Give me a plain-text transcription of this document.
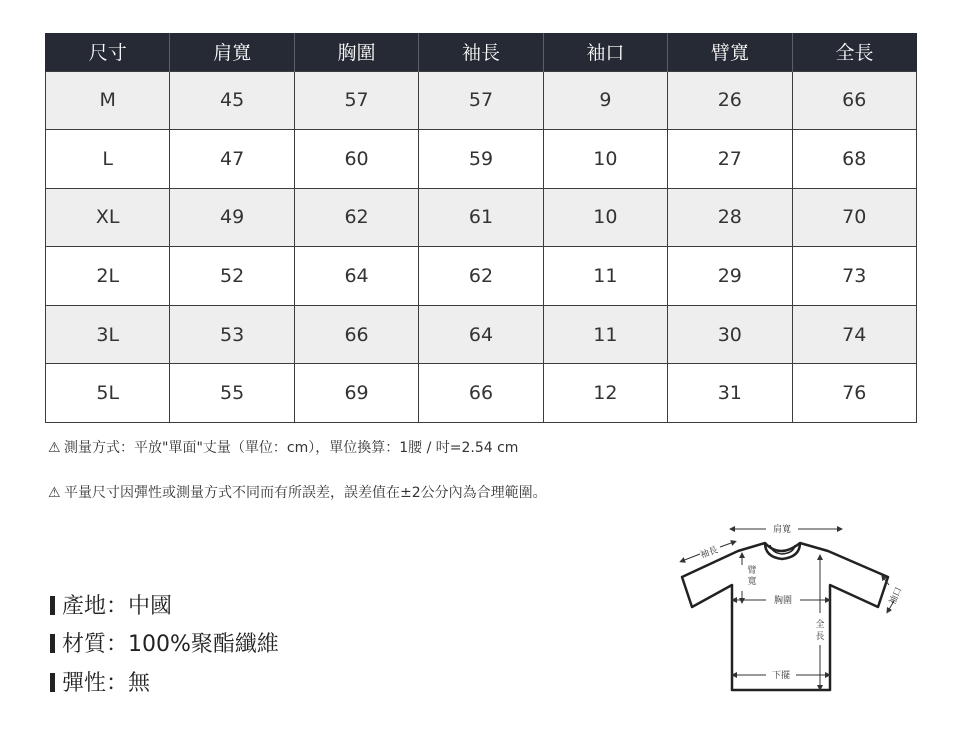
尺寸	肩寬	胸圍	袖長	袖口	臂寬	全長
M	45	57	57	9	26	66
L	47	60	59	10	27	68
XL	49	62	61	10	28	70
2L	52	64	62	11	29	73
3L	53	66	64	11	30	74
5L	55	69	66	12	31	76
⚠ 測量方式：平放"單面"丈量（單位：cm），單位換算：1腰 / 吋=2.54 cm
⚠ 平量尺寸因彈性或測量方式不同而有所誤差，誤差值在±2公分內為合理範圍。
產地：中國
材質：100%聚酯纖維
彈性：無
肩寬
袖長
臂
寬
胸圍
全
長
袖口
下擺
